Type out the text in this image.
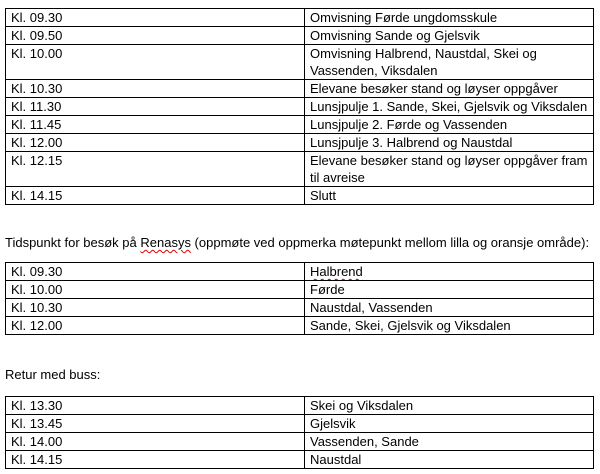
Kl. 09.30	Omvisning Førde ungdomsskule
Kl. 09.50	Omvisning Sande og Gjelsvik
Kl. 10.00	Omvisning Halbrend, Naustdal, Skei og Vassenden, Viksdalen
Kl. 10.30	Elevane besøker stand og løyser oppgåver
Kl. 11.30	Lunsjpulje 1. Sande, Skei, Gjelsvik og Viksdalen
Kl. 11.45	Lunsjpulje 2. Førde og Vassenden
Kl. 12.00	Lunsjpulje 3. Halbrend og Naustdal
Kl. 12.15	Elevane besøker stand og løyser oppgåver fram til avreise
Kl. 14.15	Slutt
Tidspunkt for besøk på Renasys (oppmøte ved oppmerka møtepunkt mellom lilla og oransje område):
Kl. 09.30	Halbrend
Kl. 10.00	Førde
Kl. 10.30	Naustdal, Vassenden
Kl. 12.00	Sande, Skei, Gjelsvik og Viksdalen
Retur med buss:
Kl. 13.30	Skei og Viksdalen
Kl. 13.45	Gjelsvik
Kl. 14.00	Vassenden, Sande
Kl. 14.15	Naustdal
